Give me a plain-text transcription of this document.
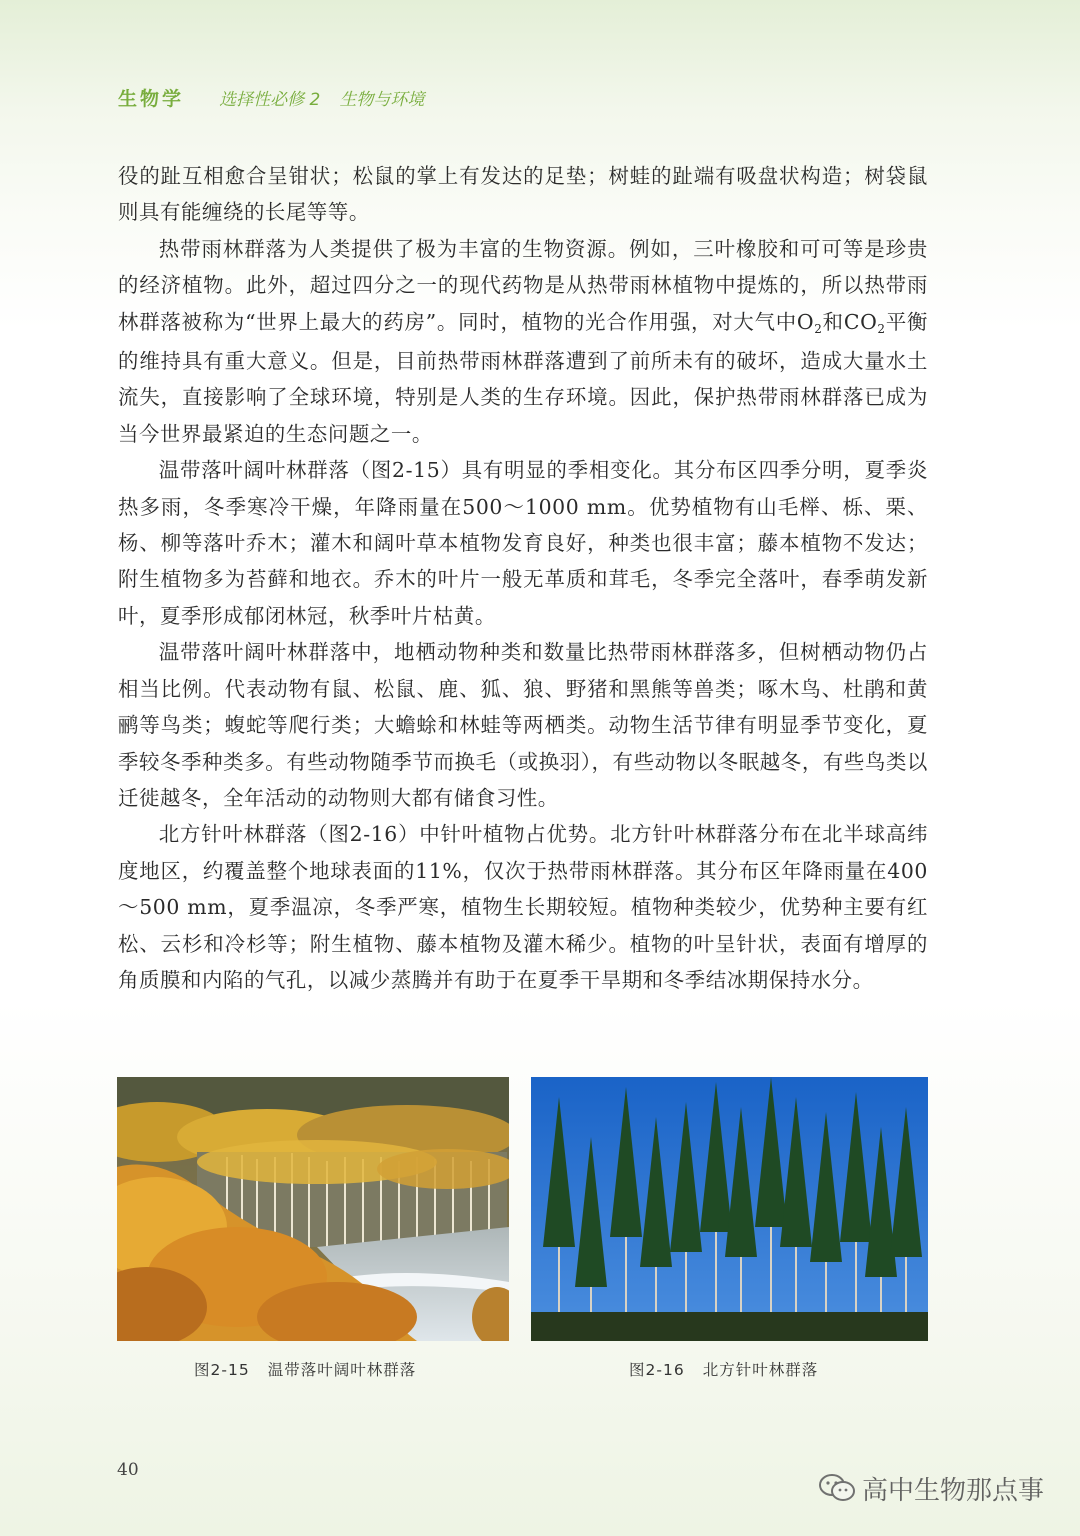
生物学 选择性必修 2 生物与环境

役的趾互相愈合呈钳状；松鼠的掌上有发达的足垫；树蛙的趾端有吸盘状构造；树袋鼠则具有能缠绕的长尾等等。

热带雨林群落为人类提供了极为丰富的生物资源。例如，三叶橡胶和可可等是珍贵的经济植物。此外，超过四分之一的现代药物是从热带雨林植物中提炼的，所以热带雨林群落被称为“世界上最大的药房”。同时，植物的光合作用强，对大气中$O_2$和$CO_2$平衡的维持具有重大意义。但是，目前热带雨林群落遭到了前所未有的破坏，造成大量水土流失，直接影响了全球环境，特别是人类的生存环境。因此，保护热带雨林群落已成为当今世界最紧迫的生态问题之一。

温带落叶阔叶林群落（图2-15）具有明显的季相变化。其分布区四季分明，夏季炎热多雨，冬季寒冷干燥，年降雨量在500～1000 mm。优势植物有山毛榉、栎、栗、杨、柳等落叶乔木；灌木和阔叶草本植物发育良好，种类也很丰富；藤本植物不发达；附生植物多为苔藓和地衣。乔木的叶片一般无革质和茸毛，冬季完全落叶，春季萌发新叶，夏季形成郁闭林冠，秋季叶片枯黄。

温带落叶阔叶林群落中，地栖动物种类和数量比热带雨林群落多，但树栖动物仍占相当比例。代表动物有鼠、松鼠、鹿、狐、狼、野猪和黑熊等兽类；啄木鸟、杜鹃和黄鹂等鸟类；蝮蛇等爬行类；大蟾蜍和林蛙等两栖类。动物生活节律有明显季节变化，夏季较冬季种类多。有些动物随季节而换毛（或换羽），有些动物以冬眠越冬，有些鸟类以迁徙越冬，全年活动的动物则大都有储食习性。

北方针叶林群落（图2-16）中针叶植物占优势。北方针叶林群落分布在北半球高纬度地区，约覆盖整个地球表面的11%，仅次于热带雨林群落。其分布区年降雨量在400～500 mm，夏季温凉，冬季严寒，植物生长期较短。植物种类较少，优势种主要有红松、云杉和冷杉等；附生植物、藤本植物及灌木稀少。植物的叶呈针状，表面有增厚的角质膜和内陷的气孔，以减少蒸腾并有助于在夏季干旱期和冬季结冰期保持水分。

图2-15 温带落叶阔叶林群落	图2-16 北方针叶林群落
40
高中生物那点事
